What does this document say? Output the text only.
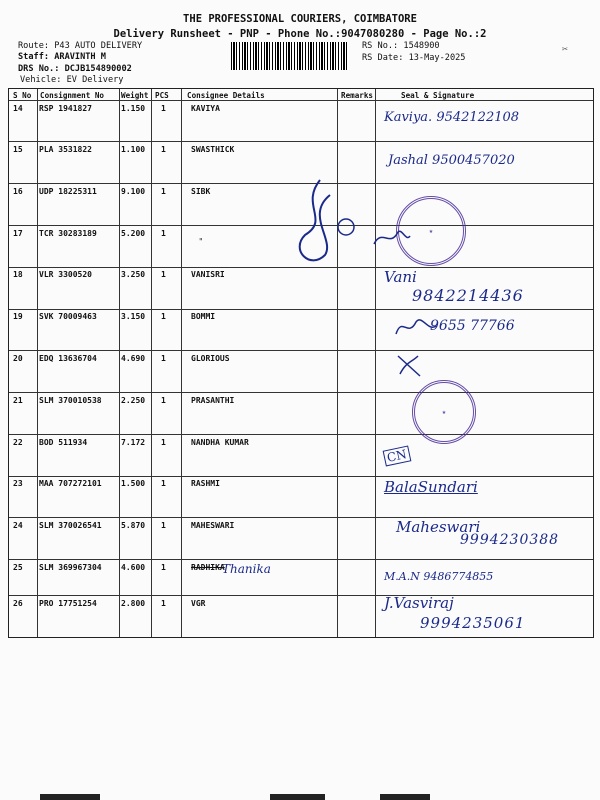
THE PROFESSIONAL COURIERS, COIMBATORE
Delivery Runsheet - PNP - Phone No.:9047080280 - Page No.:2
Route: P43 AUTO DELIVERY
Staff: ARAVINTH M
DRS No.: DCJB154890002
Vehicle: EV Delivery
✂
RS No.: 1548900
RS Date: 13-May-2025
S No Consignment No Weight PCS Consignee Details	Remarks	Seal & Signature
14 RSP 1941827	1.150 1	KAVIYA
15 PLA 3531822	1.100 1	SWASTHICK
16 UDP 18225311	9.100 1	SIBK
17 TCR 30283189	5.200 1
"
18 VLR 3300520	3.250 1	VANISRI
19 SVK 70009463	3.150 1	BOMMI
20 EDQ 13636704	4.690 1	GLORIOUS
21 SLM 370010538 2.250 1	PRASANTHI
22 BOD 511934	7.172 1	NANDHA KUMAR
23 MAA 707272101 1.500 1	RASHMI
24 SLM 370026541 5.870 1	MAHESWARI
25 SLM 369967304 4.600 1	RADHIKA
26 PRO 17751254	2.800 1	VGR
Kaviya. 9542122108
Jashal 9500457020
★
Vani
9842214436
9655 77766
★
CN
BalaSundari
Maheswari
9994230388
Thanika
M.A.N 9486774855
J.Vasviraj
9994235061
